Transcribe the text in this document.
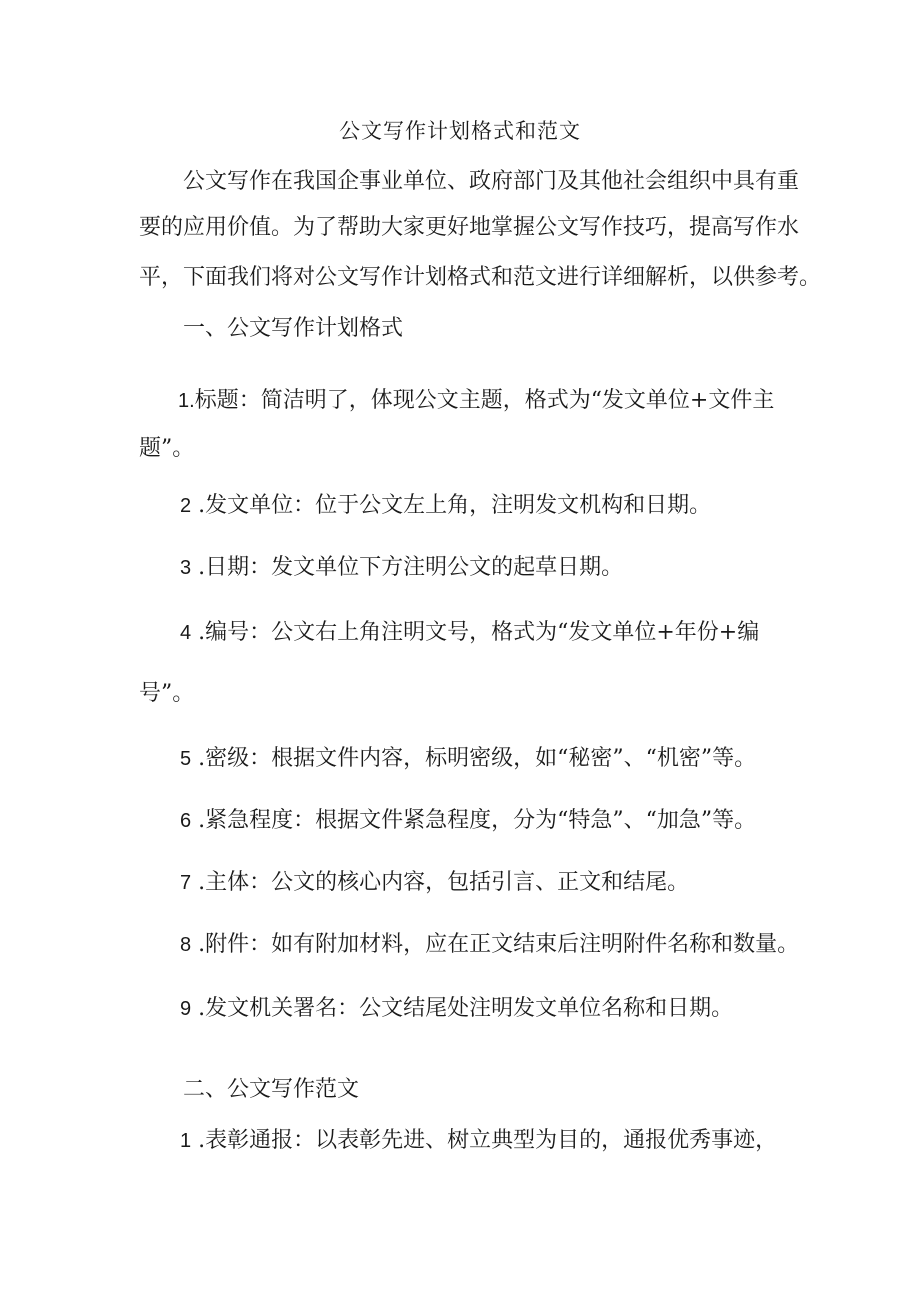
公文写作计划格式和范文
公文写作在我国企事业单位、政府部门及其他社会组织中具有重
要的应用价值。为了帮助大家更好地掌握公文写作技巧，提高写作水
平，下面我们将对公文写作计划格式和范文进行详细解析，以供参考。
一、公文写作计划格式
1.标题：简洁明了，体现公文主题，格式为“发文单位+文件主
题”。
2 .发文单位：位于公文左上角，注明发文机构和日期。
3 .日期：发文单位下方注明公文的起草日期。
4 .编号：公文右上角注明文号，格式为“发文单位+年份+编
号”。
5 .密级：根据文件内容，标明密级，如“秘密”、“机密”等。
6 .紧急程度：根据文件紧急程度，分为“特急”、“加急”等。
7 .主体：公文的核心内容，包括引言、正文和结尾。
8 .附件：如有附加材料，应在正文结束后注明附件名称和数量。
9 .发文机关署名：公文结尾处注明发文单位名称和日期。
二、公文写作范文
1 .表彰通报：以表彰先进、树立典型为目的，通报优秀事迹，
